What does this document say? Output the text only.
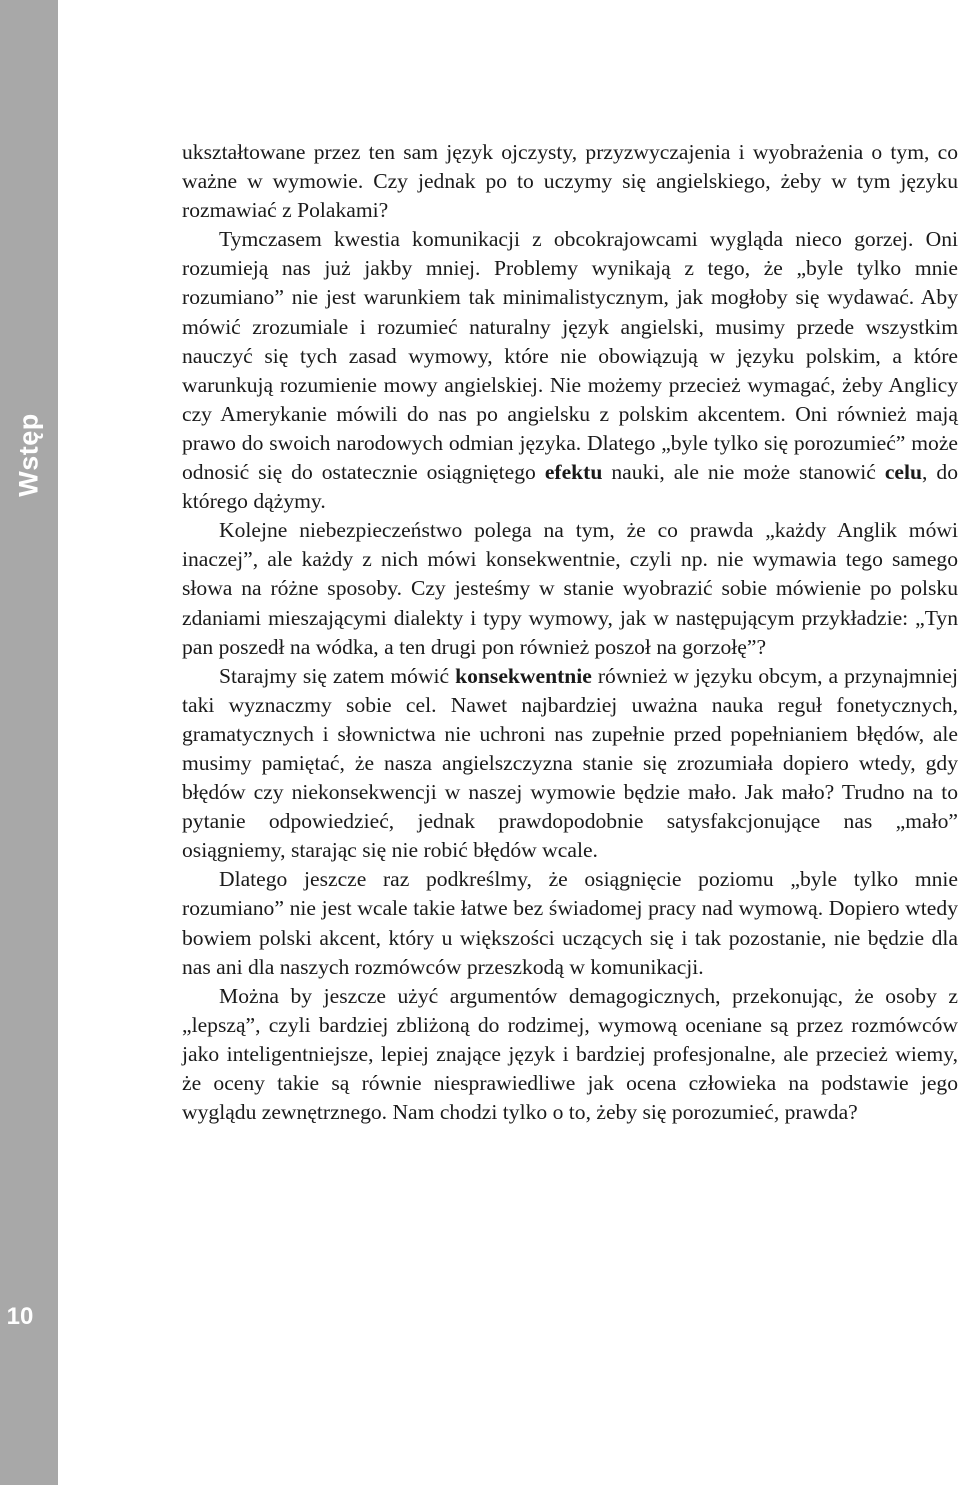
Wstęp
10

ukształtowane przez ten sam język ojczysty, przyzwyczajenia i wyobrażenia o tym, co ważne w wymowie. Czy jednak po to uczymy się angielskiego, żeby w tym języku rozmawiać z Polakami?

Tymczasem kwestia komunikacji z obcokrajowcami wygląda nieco gorzej. Oni rozumieją nas już jakby mniej. Problemy wynikają z tego, że „byle tylko mnie rozumiano” nie jest warunkiem tak minimalistycznym, jak mogłoby się wydawać. Aby mówić zrozumiale i rozumieć naturalny język angielski, musimy przede wszystkim nauczyć się tych zasad wymowy, które nie obowiązują w języku polskim, a które warunkują rozumienie mowy angielskiej. Nie możemy przecież wymagać, żeby Anglicy czy Amerykanie mówili do nas po angielsku z polskim akcentem. Oni również mają prawo do swoich narodowych odmian języka. Dlatego „byle tylko się porozumieć” może odnosić się do ostatecznie osiągniętego efektu nauki, ale nie może stanowić celu, do którego dążymy.

Kolejne niebezpieczeństwo polega na tym, że co prawda „każdy Anglik mówi inaczej”, ale każdy z nich mówi konsekwentnie, czyli np. nie wymawia tego samego słowa na różne sposoby. Czy jesteśmy w stanie wyobrazić sobie mówienie po polsku zdaniami mieszającymi dialekty i typy wymowy, jak w następującym przykładzie: „Tyn pan poszedł na wódka, a ten drugi pon również poszoł na gorzołę”?

Starajmy się zatem mówić konsekwentnie również w języku obcym, a przynajmniej taki wyznaczmy sobie cel. Nawet najbardziej uważna nauka reguł fonetycznych, gramatycznych i słownictwa nie uchroni nas zupełnie przed popełnianiem błędów, ale musimy pamiętać, że nasza angielszczyzna stanie się zrozumiała dopiero wtedy, gdy błędów czy niekonsekwencji w naszej wymowie będzie mało. Jak mało? Trudno na to pytanie odpowiedzieć, jednak prawdopodobnie satysfakcjonujące nas „mało” osiągniemy, starając się nie robić błędów wcale.

Dlatego jeszcze raz podkreślmy, że osiągnięcie poziomu „byle tylko mnie rozumiano” nie jest wcale takie łatwe bez świadomej pracy nad wymową. Dopiero wtedy bowiem polski akcent, który u większości uczących się i tak pozostanie, nie będzie dla nas ani dla naszych rozmówców przeszkodą w komunikacji.

Można by jeszcze użyć argumentów demagogicznych, przekonując, że osoby z „lepszą”, czyli bardziej zbliżoną do rodzimej, wymową oceniane są przez rozmówców jako inteligentniejsze, lepiej znające język i bardziej profesjonalne, ale przecież wiemy, że oceny takie są równie niesprawiedliwe jak ocena człowieka na podstawie jego wyglądu zewnętrznego. Nam chodzi tylko o to, żeby się porozumieć, prawda?
